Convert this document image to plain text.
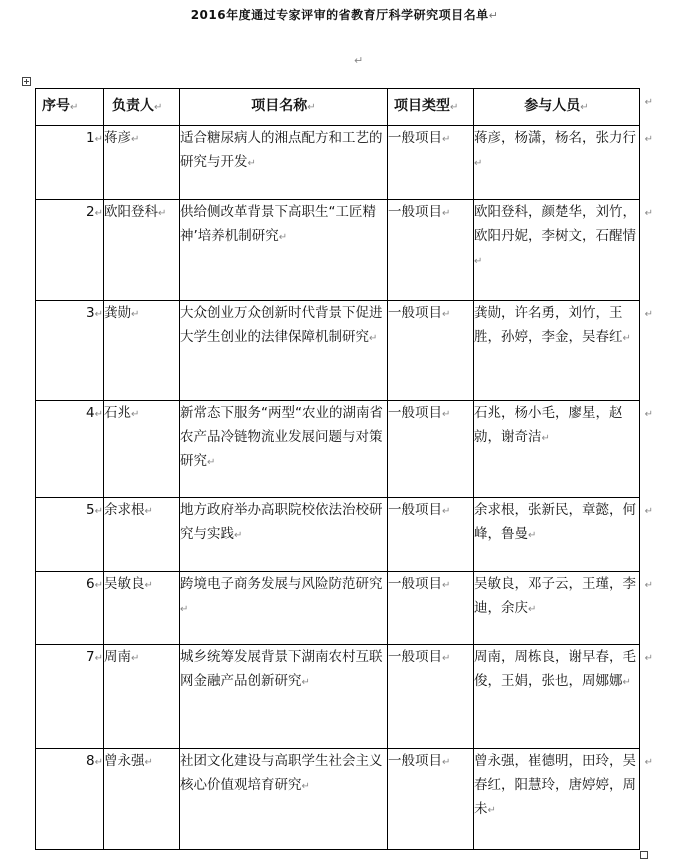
2016年度通过专家评审的省教育厅科学研究项目名单↵
↵
序号↵	负责人↵	项目名称↵	项目类型↵	参与人员↵ ↵

1↵	蒋彦↵	适合糖尿病人的湘点配方和工艺的研究与开发↵	一般项目↵	蒋彦，杨潇，杨名，张力行↵
↵

2↵	欧阳登科↵	供给侧改革背景下高职生“工匠精神’培养机制研究↵	一般项目↵	欧阳登科，颜楚华，刘竹，欧阳丹妮，李树文，石醒情↵
↵

3↵	龚勋↵	大众创业万众创新时代背景下促进大学生创业的法律保障机制研究↵	一般项目↵	龚勋，许名勇，刘竹，王胜，孙婷，李金，吴春红↵
↵

4↵	石兆↵	新常态下服务“两型“农业的湖南省农产品冷链物流业发展问题与对策研究↵	一般项目↵	石兆，杨小毛，廖星，赵勍，谢奇洁↵
↵

5↵	余求根↵	地方政府举办高职院校依法治校研究与实践↵	一般项目↵	余求根，张新民，章懿，何峰，鲁曼↵
↵

6↵	吴敏良↵	跨境电子商务发展与风险防范研究↵	一般项目↵	吴敏良，邓子云，王瑾，李迪，余庆↵
↵

7↵	周南↵	城乡统筹发展背景下湖南农村互联网金融产品创新研究↵	一般项目↵	周南，周栋良，谢早春，毛俊，王娟，张也，周娜娜↵
↵

8↵	曾永强↵	社团文化建设与高职学生社会主义核心价值观培育研究↵	一般项目↵	曾永强，崔德明，田玲，吴春红，阳慧玲，唐婷婷，周未↵
↵
